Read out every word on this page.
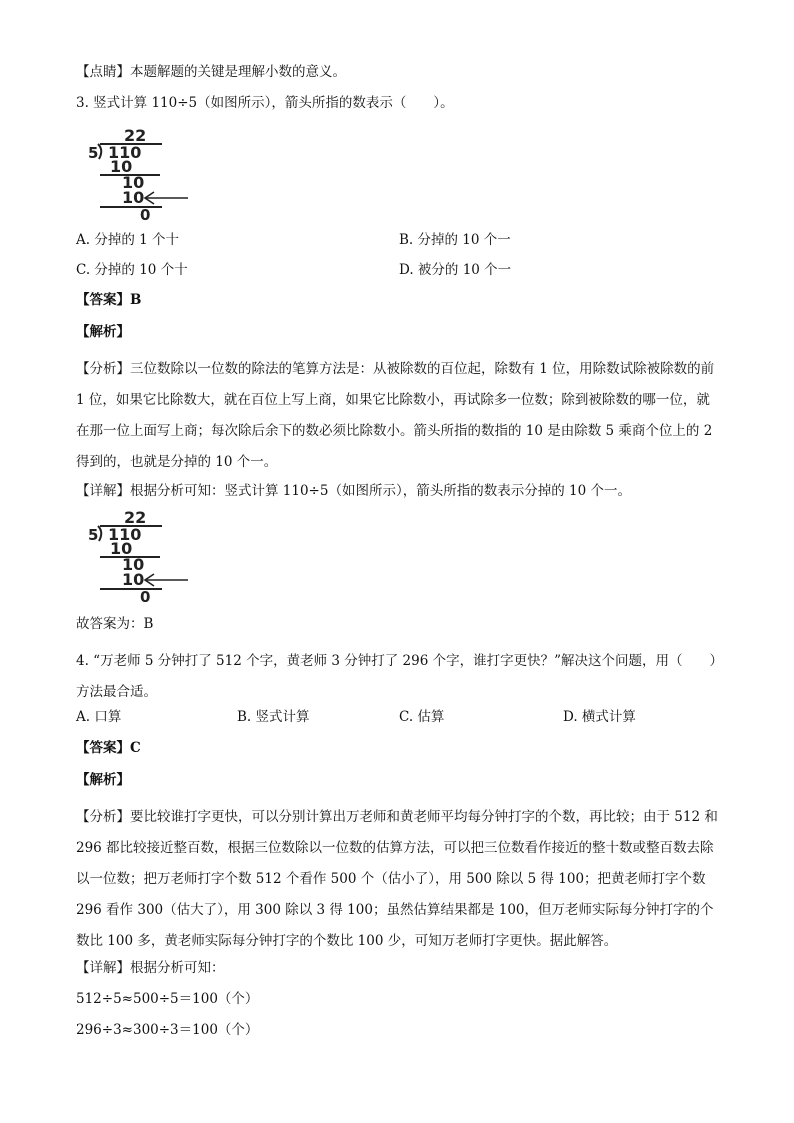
【点睛】本题解题的关键是理解小数的意义。
3. 竖式计算 110÷5（如图所示），箭头所指的数表示（　　）。
22
5 110
10
10
10
0
A. 分掉的 1 个十	B. 分掉的 10 个一
C. 分掉的 10 个十	D. 被分的 10 个一
【答案】B
【解析】
【分析】三位数除以一位数的除法的笔算方法是：从被除数的百位起，除数有 1 位，用除数试除被除数的前 1 位，如果它比除数大，就在百位上写上商，如果它比除数小，再试除多一位数；除到被除数的哪一位，就在那一位上面写上商；每次除后余下的数必须比除数小。箭头所指的数指的 10 是由除数 5 乘商个位上的 2 得到的，也就是分掉的 10 个一。
【详解】根据分析可知：竖式计算 110÷5（如图所示），箭头所指的数表示分掉的 10 个一。
22
5 110
10
10
10
0
故答案为：B
4. “万老师 5 分钟打了 512 个字，黄老师 3 分钟打了 296 个字，谁打字更快？”解决这个问题，用（　　）方法最合适。
A. 口算	B. 竖式计算	C. 估算	D. 横式计算
【答案】C
【解析】
【分析】要比较谁打字更快，可以分别计算出万老师和黄老师平均每分钟打字的个数，再比较；由于 512 和 296 都比较接近整百数，根据三位数除以一位数的估算方法，可以把三位数看作接近的整十数或整百数去除以一位数；把万老师打字个数 512 个看作 500 个（估小了），用 500 除以 5 得 100；把黄老师打字个数 296 看作 300（估大了），用 300 除以 3 得 100；虽然估算结果都是 100，但万老师实际每分钟打字的个数比 100 多，黄老师实际每分钟打字的个数比 100 少，可知万老师打字更快。据此解答。
【详解】根据分析可知：
512÷5≈500÷5＝100（个）
296÷3≈300÷3＝100（个）
